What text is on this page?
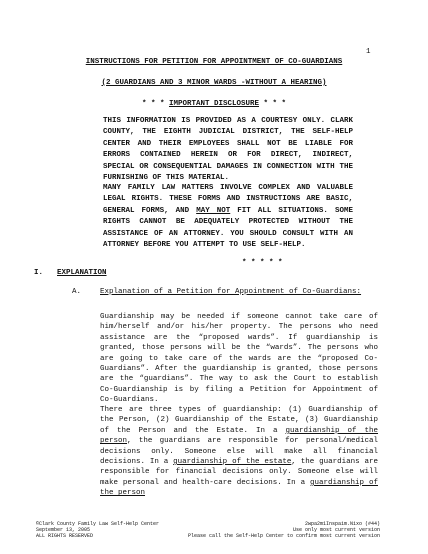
1
INSTRUCTIONS FOR PETITION FOR APPOINTMENT OF CO-GUARDIANS
(2 GUARDIANS AND 3 MINOR WARDS -WITHOUT A HEARING)
* * * IMPORTANT DISCLOSURE * * *

THIS INFORMATION IS PROVIDED AS A COURTESY ONLY. CLARK COUNTY, THE EIGHTH JUDICIAL DISTRICT, THE SELF-HELP CENTER AND THEIR EMPLOYEES SHALL NOT BE LIABLE FOR ERRORS CONTAINED HEREIN OR FOR DIRECT, INDIRECT, SPECIAL OR CONSEQUENTIAL DAMAGES IN CONNECTION WITH THE FURNISHING OF THIS MATERIAL.

MANY FAMILY LAW MATTERS INVOLVE COMPLEX AND VALUABLE LEGAL RIGHTS. THESE FORMS AND INSTRUCTIONS ARE BASIC, GENERAL FORMS, AND MAY NOT FIT ALL SITUATIONS. SOME RIGHTS CANNOT BE ADEQUATELY PROTECTED WITHOUT THE ASSISTANCE OF AN ATTORNEY. YOU SHOULD CONSULT WITH AN ATTORNEY BEFORE YOU ATTEMPT TO USE SELF-HELP.

* * * * *
I. EXPLANATION
A.	Explanation of a Petition for Appointment of Co-Guardians:

Guardianship may be needed if someone cannot take care of him/herself and/or his/her property. The persons who need assistance are the “proposed wards”. If guardianship is granted, those persons will be the “wards”. The persons who are going to take care of the wards are the “proposed Co-Guardians”. After the guardianship is granted, those persons are the “guardians”. The way to ask the Court to establish Co-Guardianship is by filing a Petition for Appointment of Co-Guardians.

There are three types of guardianship: (1) Guardianship of the Person, (2) Guardianship of the Estate, (3) Guardianship of the Person and the Estate. In a guardianship of the person, the guardians are responsible for personal/medical decisions only. Someone else will make all financial decisions. In a guardianship of the estate, the guardians are responsible for financial decisions only. Someone else will make personal and health-care decisions. In a guardianship of the person

©Clark County Family Law Self-Help Center	2wpa2m1Inspaim.Nixo (#44)
September 13, 2005	Use only most current version
ALL RIGHTS RESERVED	Please call the Self-Help Center to confirm most current version
